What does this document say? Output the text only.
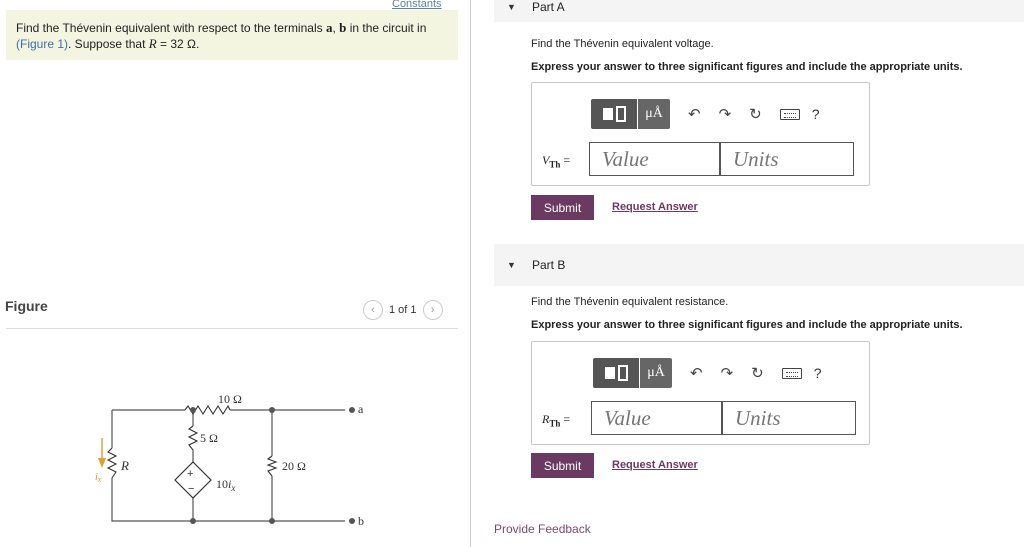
Constants
Find the Thévenin equivalent with respect to the terminals a, b in the circuit in
(Figure 1). Suppose that R = 32 Ω.
Figure	‹	1 of 1	›
+
−
10 Ω
5 Ω
20 Ω
R
$10i_x$
$i_x$
a
b
▼ Part A
Find the Thévenin equivalent voltage.
Express your answer to three significant figures and include the appropriate units.
μÅ	↶ ↷ ↻	?
$V_{Th}$ =
Value
Units
Submit	Request Answer
▼ Part B
Find the Thévenin equivalent resistance.
Express your answer to three significant figures and include the appropriate units.
μÅ	↶ ↷ ↻	?
$R_{Th}$ =
Value
Units
Submit	Request Answer
Provide Feedback
